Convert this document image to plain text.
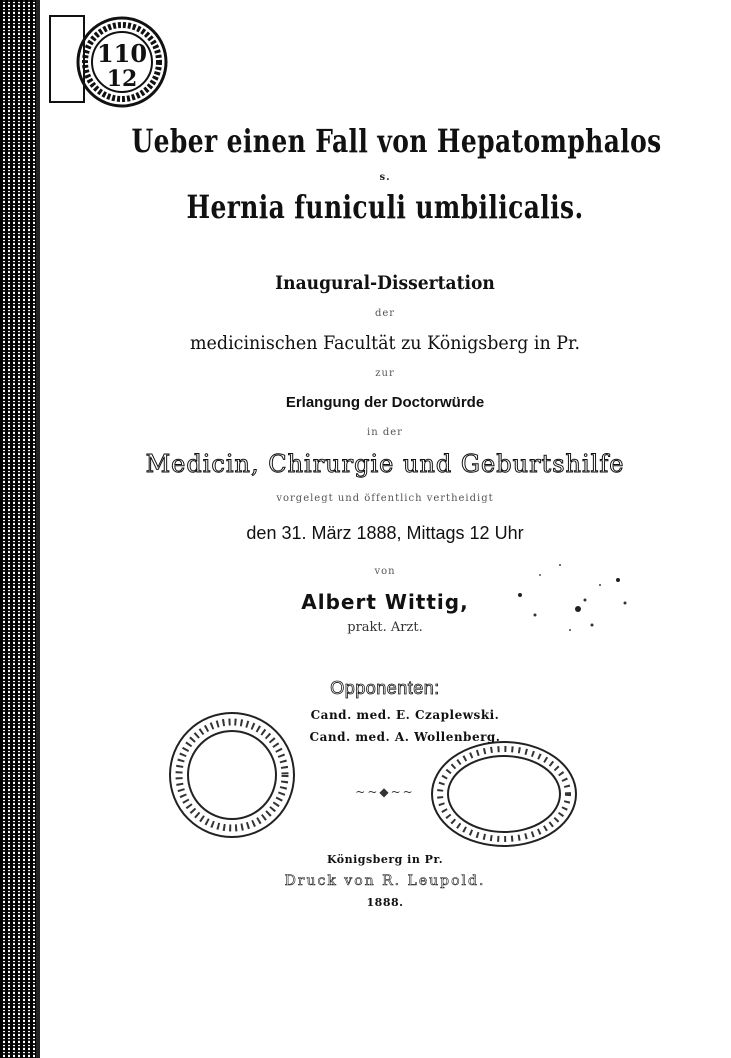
110
12
Ueber einen Fall von Hepatomphalos
s.
Hernia funiculi umbilicalis.
Inaugural-Dissertation
der
medicinischen Facultät zu Königsberg in Pr.
zur
Erlangung der Doctorwürde
in der
Medicin, Chirurgie und Geburtshilfe
vorgelegt und öffentlich vertheidigt
den 31. März 1888, Mittags 12 Uhr
von
Albert Wittig,
prakt. Arzt.
Opponenten:
Cand. med. E. Czaplewski.
Cand. med. A. Wollenberg.
~~◆~~
Königsberg in Pr.
Druck von R. Leupold.
1888.
